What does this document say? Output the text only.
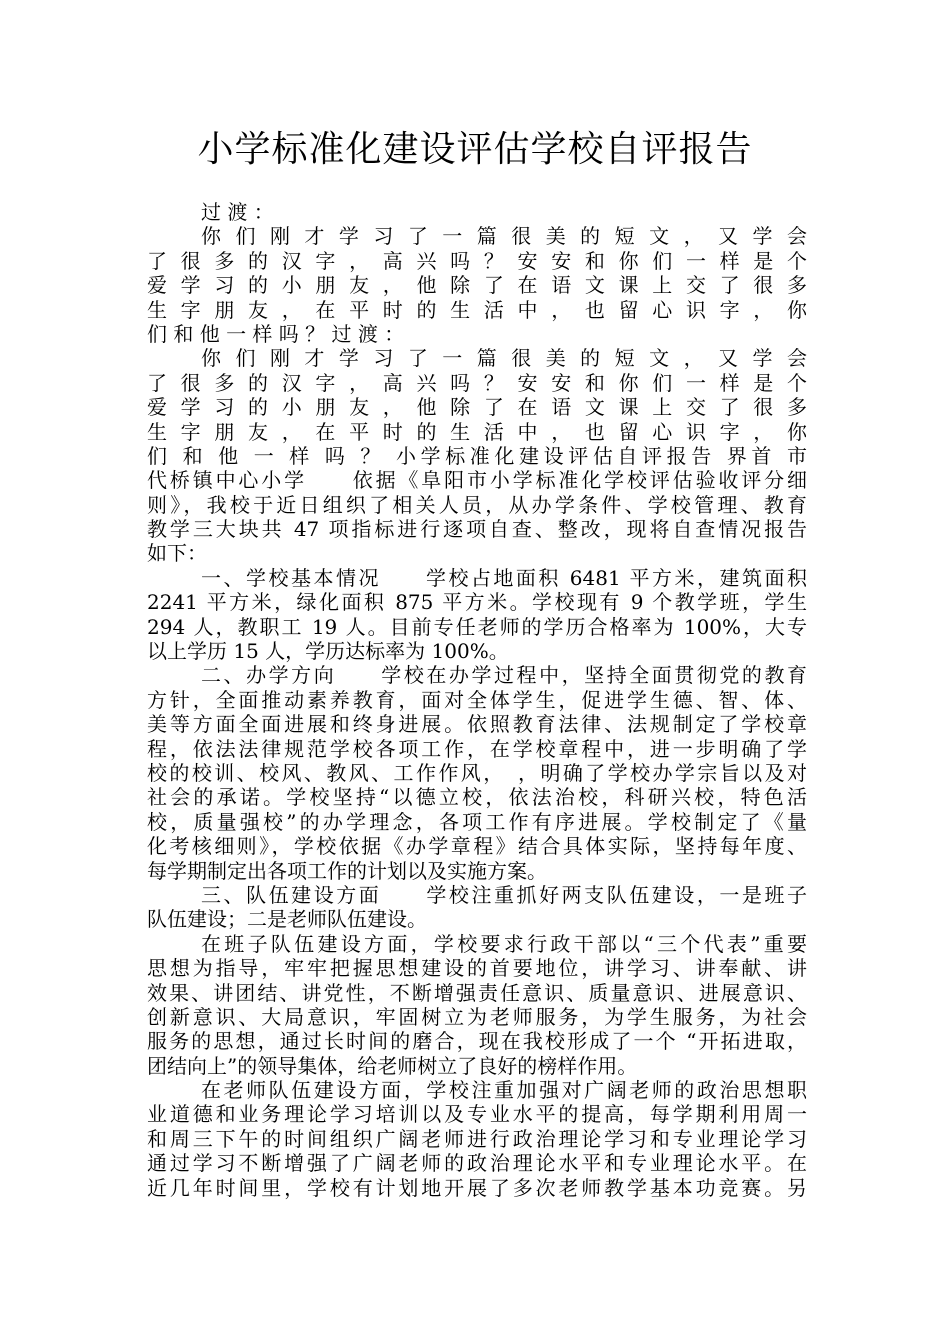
小学标准化建设评估学校自评报告
过 渡 ：
你 们 刚 才 学 习 了 一 篇 很 美 的 短 文 ， 又 学 会
了 很 多 的 汉 字 ， 高 兴 吗 ？ 安 安 和 你 们 一 样 是 个
爱 学 习 的 小 朋 友 ， 他 除 了 在 语 文 课 上 交 了 很 多
生 字 朋 友 ， 在 平 时 的 生 活 中 ， 也 留 心 识 字 ， 你
们 和 他 一 样 吗 ？ 过 渡 ：
你 们 刚 才 学 习 了 一 篇 很 美 的 短 文 ， 又 学 会
了 很 多 的 汉 字 ， 高 兴 吗 ？ 安 安 和 你 们 一 样 是 个
爱 学 习 的 小 朋 友 ， 他 除 了 在 语 文 课 上 交 了 很 多
生 字 朋 友 ， 在 平 时 的 生 活 中 ， 也 留 心 识 字 ， 你
们 和 他 一 样 吗 ？ 小学标准化建设评估自评报告 界首 市
代桥镇中心小学　　依据《阜阳市小学标准化学校评估验收评分细
则》，我校于近日组织了相关人员，从办学条件、学校管理、教育
教学三大块共 47 项指标进行逐项自查、整改，现将自查情况报告
如下：
一、学校基本情况　　学校占地面积 6481 平方米，建筑面积
2241 平方米，绿化面积 875 平方米。学校现有 9 个教学班，学生
294 人，教职工 19 人。目前专任老师的学历合格率为 100%，大专
以上学历 15 人，学历达标率为 100%。
二、办学方向　　学校在办学过程中，坚持全面贯彻党的教育
方针，全面推动素养教育，面对全体学生，促进学生德、智、体、
美等方面全面进展和终身进展。依照教育法律、法规制定了学校章
程，依法法律规范学校各项工作，在学校章程中，进一步明确了学
校的校训、校风、教风、工作作风，　，明确了学校办学宗旨以及对
社会的承诺。学校坚持“以德立校，依法治校，科研兴校，特色活
校，质量强校”的办学理念，各项工作有序进展。学校制定了《量
化考核细则》，学校依据《办学章程》结合具体实际，坚持每年度、
每学期制定出各项工作的计划以及实施方案。
三、队伍建设方面　　学校注重抓好两支队伍建设，一是班子
队伍建设；二是老师队伍建设。
在班子队伍建设方面，学校要求行政干部以“三个代表”重要
思想为指导，牢牢把握思想建设的首要地位，讲学习、讲奉献、讲
效果、讲团结、讲党性，不断增强责任意识、质量意识、进展意识、
创新意识、大局意识，牢固树立为老师服务，为学生服务，为社会
服务的思想，通过长时间的磨合，现在我校形成了一个 “开拓进取，
团结向上”的领导集体，给老师树立了良好的榜样作用。
在老师队伍建设方面，学校注重加强对广阔老师的政治思想职
业道德和业务理论学习培训以及专业水平的提高，每学期利用周一
和周三下午的时间组织广阔老师进行政治理论学习和专业理论学习
通过学习不断增强了广阔老师的政治理论水平和专业理论水平。在
近几年时间里，学校有计划地开展了多次老师教学基本功竞赛。另
